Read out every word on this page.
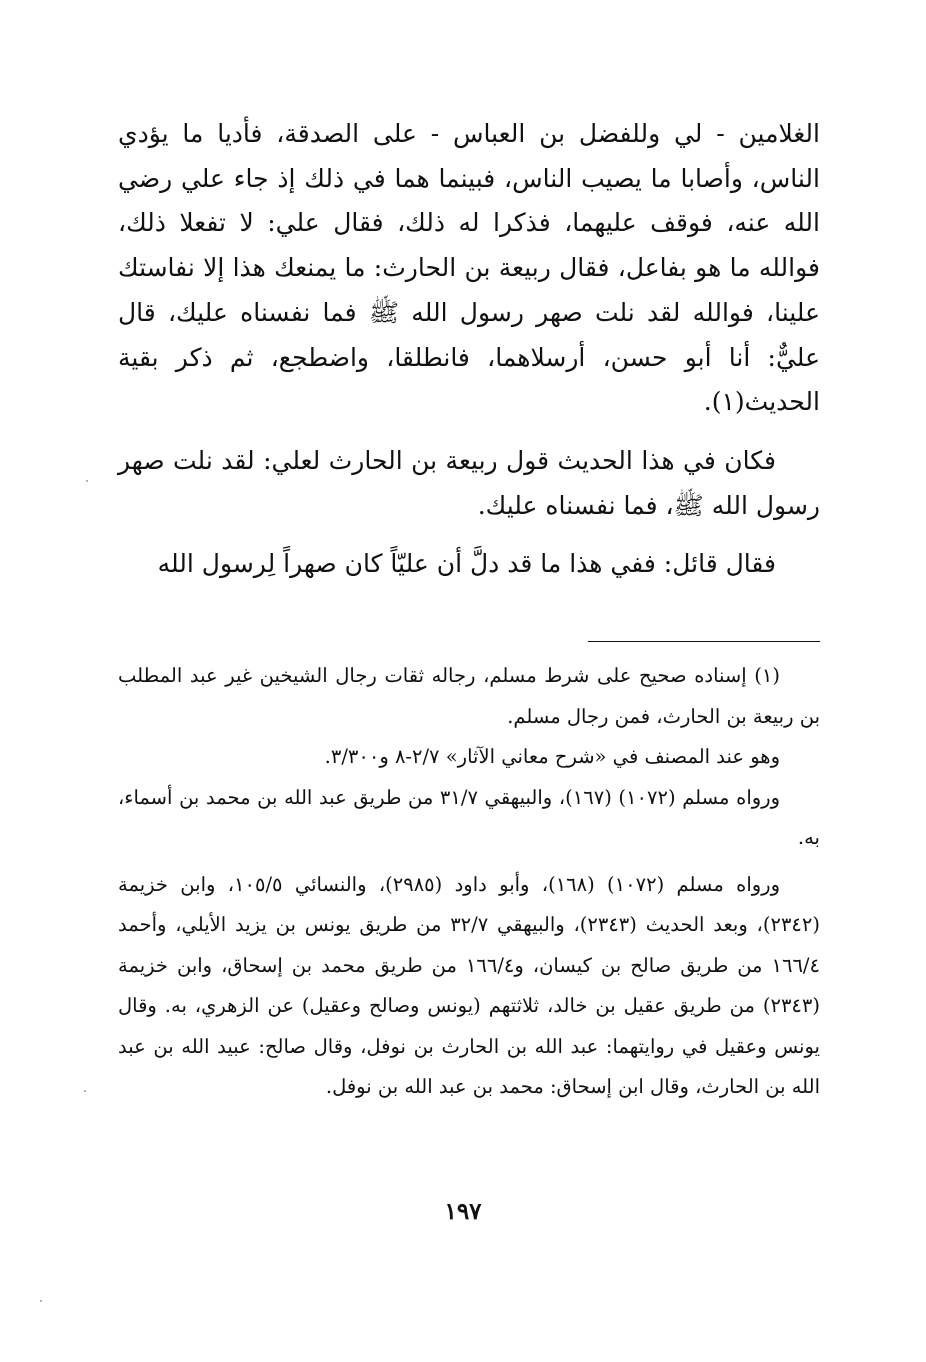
الغلامين - لي وللفضل بن العباس - على الصدقة، فأديا ما يؤدي الناس، وأصابا ما يصيب الناس، فبينما هما في ذلك إذ جاء علي رضي الله عنه، فوقف عليهما، فذكرا له ذلك، فقال علي: لا تفعلا ذلك، فوالله ما هو بفاعل، فقال ربيعة بن الحارث: ما يمنعك هذا إلا نفاستك علينا، فوالله لقد نلت صهر رسول الله ﷺ فما نفسناه عليك، قال عليٌّ: أنا أبو حسن، أرسلاهما، فانطلقا، واضطجع، ثم ذكر بقية الحديث(١).

فكان في هذا الحديث قول ربيعة بن الحارث لعلي: لقد نلت صهر رسول الله ﷺ، فما نفسناه عليك.

فقال قائل: ففي هذا ما قد دلَّ أن عليّاً كان صهراً لِرسول الله

(١) إسناده صحيح على شرط مسلم، رجاله ثقات رجال الشيخين غير عبد المطلب بن ربيعة بن الحارث، فمن رجال مسلم.

وهو عند المصنف في «شرح معاني الآثار» ٢/٧-٨ و٣/٣٠٠.

ورواه مسلم (١٠٧٢) (١٦٧)، والبيهقي ٣١/٧ من طريق عبد الله بن محمد بن أسماء، به.

ورواه مسلم (١٠٧٢) (١٦٨)، وأبو داود (٢٩٨٥)، والنسائي ١٠٥/٥، وابن خزيمة (٢٣٤٢)، وبعد الحديث (٢٣٤٣)، والبيهقي ٣٢/٧ من طريق يونس بن يزيد الأيلي، وأحمد ١٦٦/٤ من طريق صالح بن كيسان، و١٦٦/٤ من طريق محمد بن إسحاق، وابن خزيمة (٢٣٤٣) من طريق عقيل بن خالد، ثلاثتهم (يونس وصالح وعقيل) عن الزهري، به. وقال يونس وعقيل في روايتهما: عبد الله بن الحارث بن نوفل، وقال صالح: عبيد الله بن عبد الله بن الحارث، وقال ابن إسحاق: محمد بن عبد الله بن نوفل.

١٩٧
